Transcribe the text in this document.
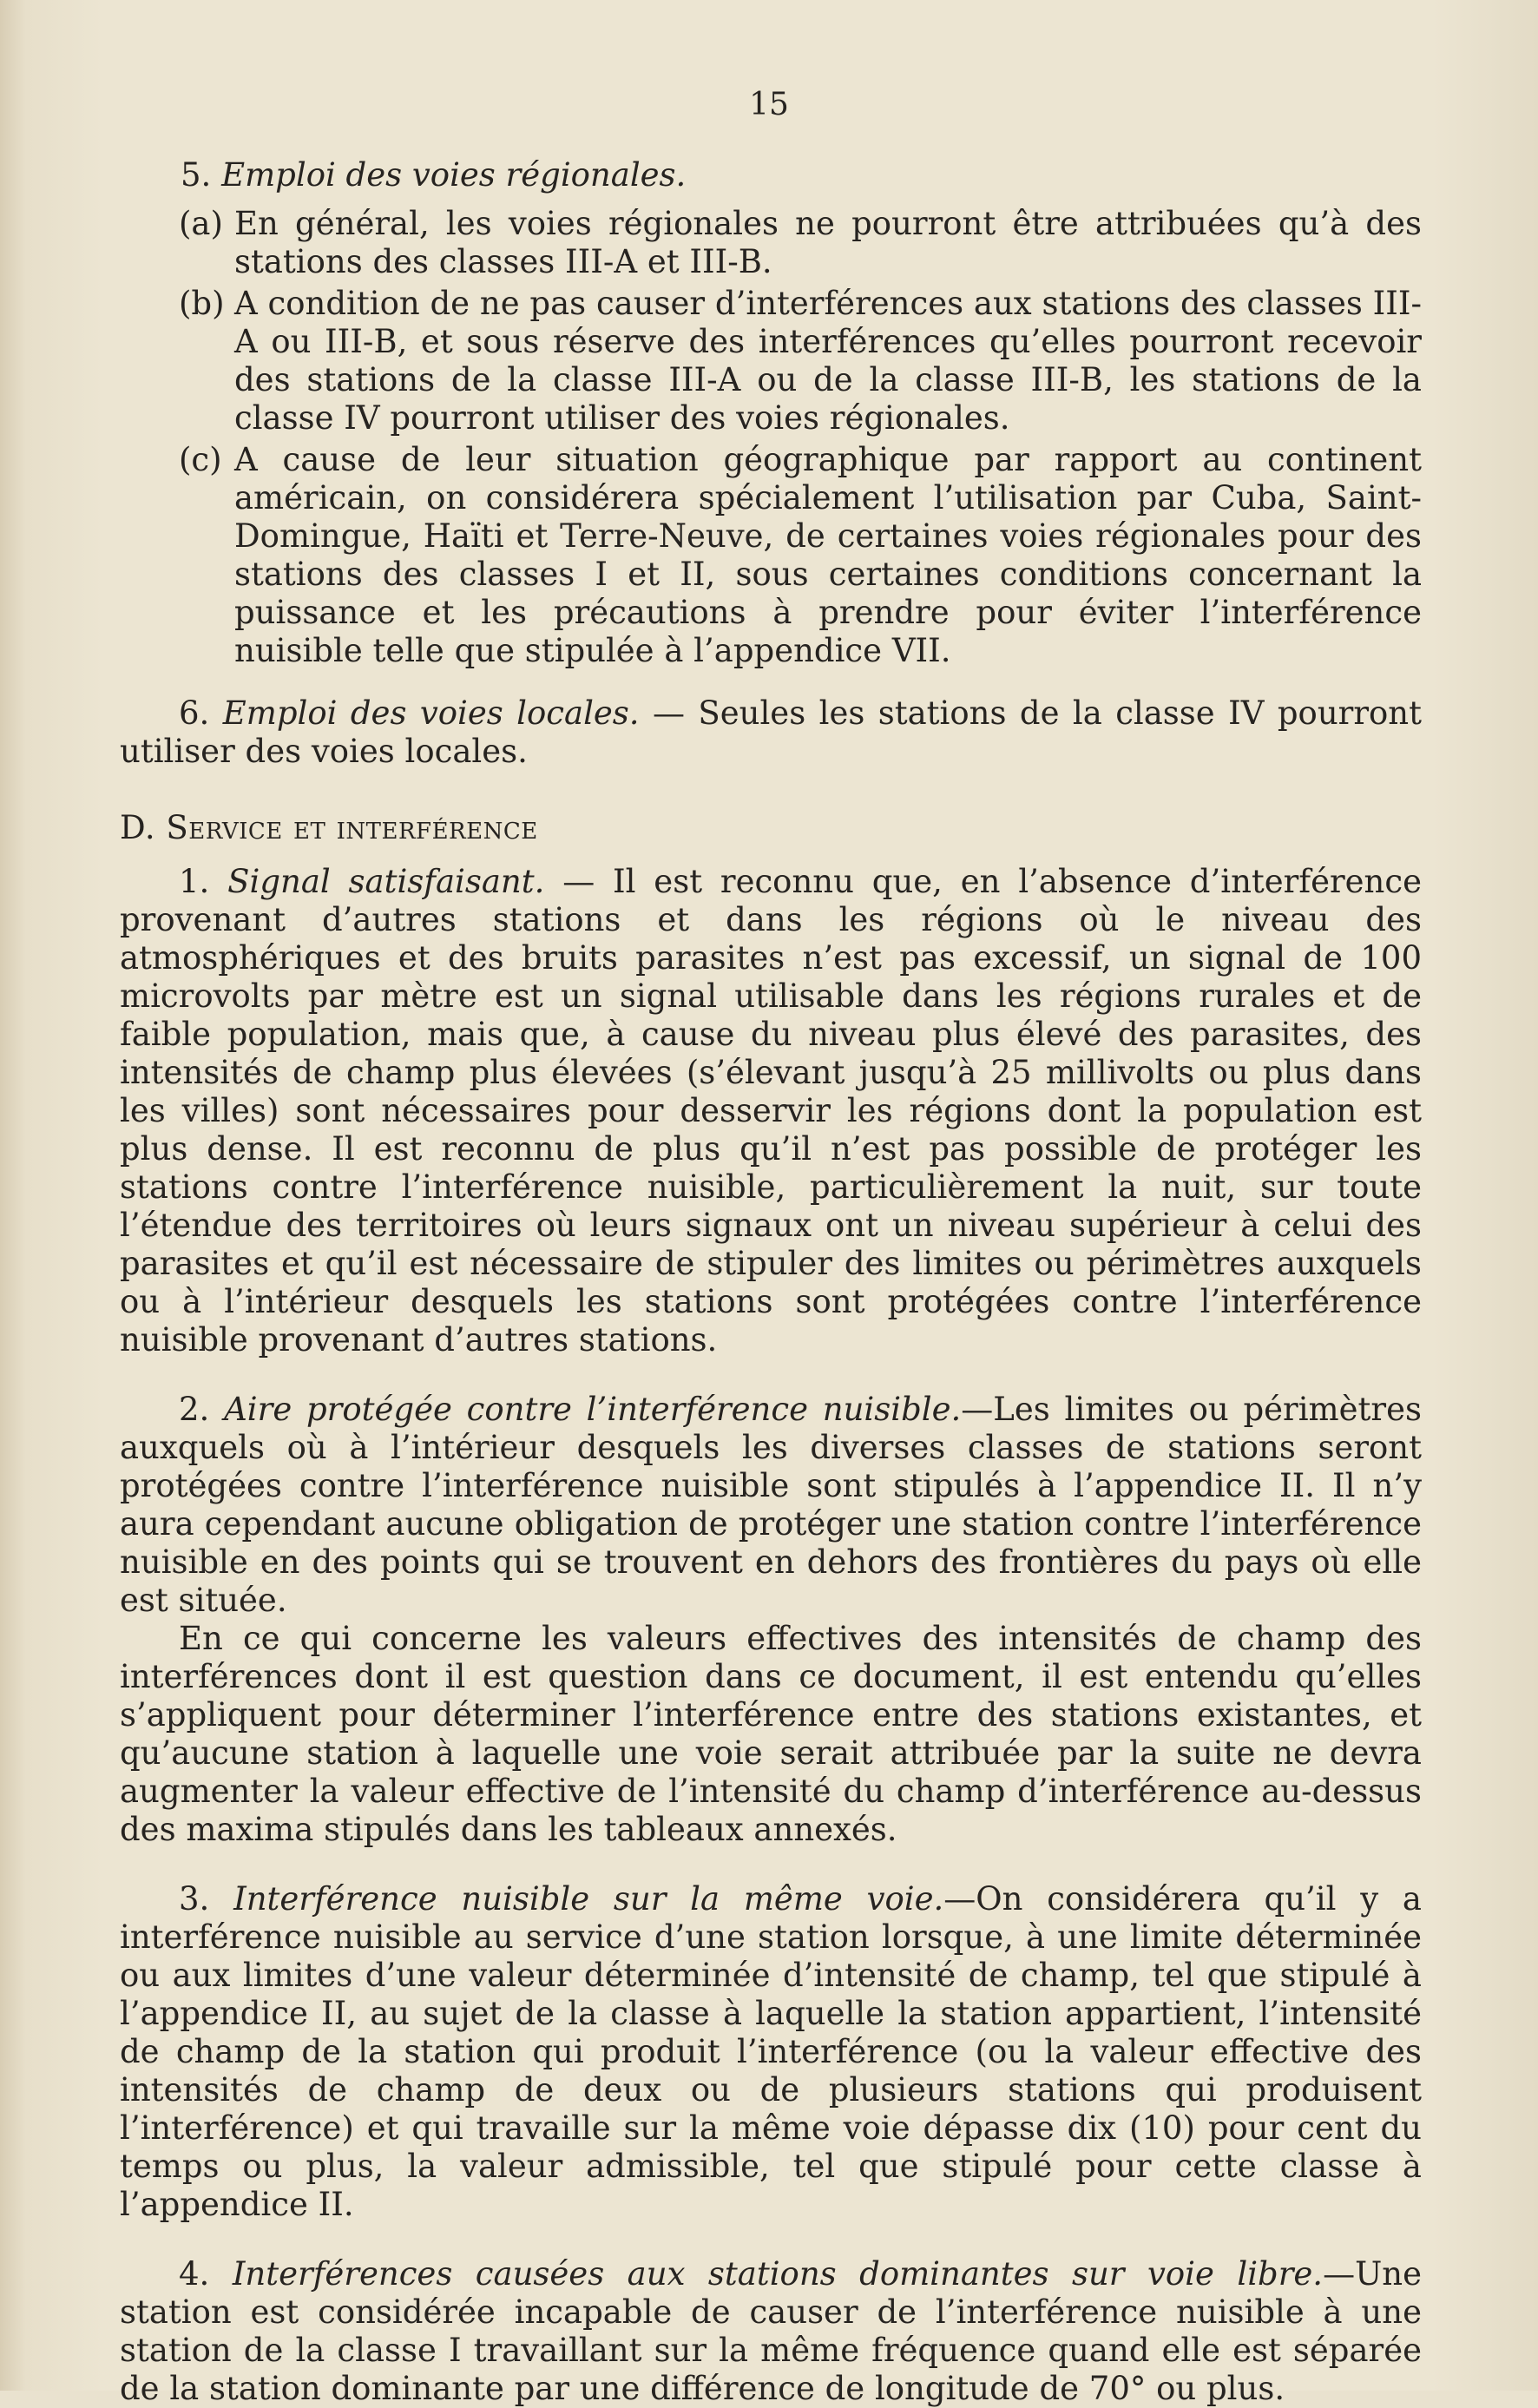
15
5. Emploi des voies régionales.
(a) En général, les voies régionales ne pourront être attribuées qu’à des stations des classes III-A et III-B.
(b) A condition de ne pas causer d’interférences aux stations des classes III-A ou III-B, et sous réserve des interférences qu’elles pourront recevoir des stations de la classe III-A ou de la classe III-B, les stations de la classe IV pourront utiliser des voies régionales.
(c) A cause de leur situation géographique par rapport au continent américain, on considérera spécialement l’utilisation par Cuba, Saint-Domingue, Haïti et Terre-Neuve, de certaines voies régionales pour des stations des classes I et II, sous certaines conditions concernant la puissance et les précautions à prendre pour éviter l’interférence nuisible telle que stipulée à l’appendice VII.

6. Emploi des voies locales. — Seules les stations de la classe IV pourront utiliser des voies locales.

D. Service et interférence

1. Signal satisfaisant. — Il est reconnu que, en l’absence d’interférence provenant d’autres stations et dans les régions où le niveau des atmosphériques et des bruits parasites n’est pas excessif, un signal de 100 microvolts par mètre est un signal utilisable dans les régions rurales et de faible population, mais que, à cause du niveau plus élevé des parasites, des intensités de champ plus élevées (s’élevant jusqu’à 25 millivolts ou plus dans les villes) sont nécessaires pour desservir les régions dont la population est plus dense. Il est reconnu de plus qu’il n’est pas possible de protéger les stations contre l’interférence nuisible, particulièrement la nuit, sur toute l’étendue des territoires où leurs signaux ont un niveau supérieur à celui des parasites et qu’il est nécessaire de stipuler des limites ou périmètres auxquels ou à l’intérieur desquels les stations sont protégées contre l’interférence nuisible provenant d’autres stations.

2. Aire protégée contre l’interférence nuisible.—Les limites ou périmètres auxquels où à l’intérieur desquels les diverses classes de stations seront protégées contre l’interférence nuisible sont stipulés à l’appendice II. Il n’y aura cependant aucune obligation de protéger une station contre l’interférence nuisible en des points qui se trouvent en dehors des frontières du pays où elle est située.

En ce qui concerne les valeurs effectives des intensités de champ des interférences dont il est question dans ce document, il est entendu qu’elles s’appliquent pour déterminer l’interférence entre des stations existantes, et qu’aucune station à laquelle une voie serait attribuée par la suite ne devra augmenter la valeur effective de l’intensité du champ d’interférence au-dessus des maxima stipulés dans les tableaux annexés.

3. Interférence nuisible sur la même voie.—On considérera qu’il y a interférence nuisible au service d’une station lorsque, à une limite déterminée ou aux limites d’une valeur déterminée d’intensité de champ, tel que stipulé à l’appendice II, au sujet de la classe à laquelle la station appartient, l’intensité de champ de la station qui produit l’interférence (ou la valeur effective des intensités de champ de deux ou de plusieurs stations qui produisent l’interférence) et qui travaille sur la même voie dépasse dix (10) pour cent du temps ou plus, la valeur admissible, tel que stipulé pour cette classe à l’appendice II.

4. Interférences causées aux stations dominantes sur voie libre.—Une station est considérée incapable de causer de l’interférence nuisible à une station de la classe I travaillant sur la même fréquence quand elle est séparée de la station dominante par une différence de longitude de 70° ou plus.
